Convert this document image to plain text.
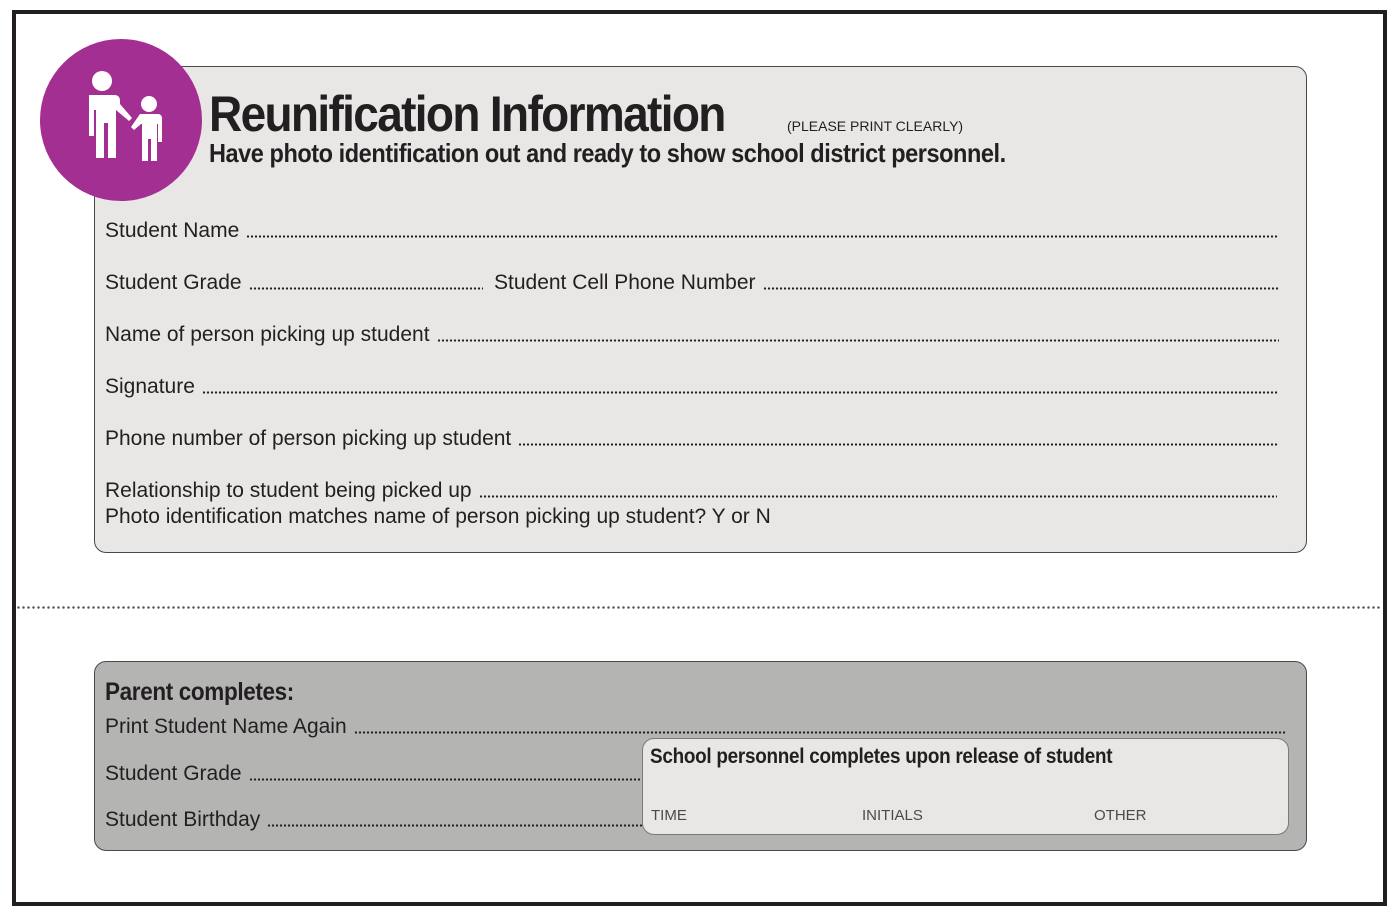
Reunification Information	(PLEASE PRINT CLEARLY)
Have photo identification out and ready to show school district personnel.
Student Name
Student Grade	Student Cell Phone Number
Name of person picking up student
Signature
Phone number of person picking up student
Relationship to student being picked up
Photo identification matches name of person picking up student? Y or N
Parent completes:
Print Student Name Again
Student Grade
Student Birthday
School personnel completes upon release of student
TIME	INITIALS	OTHER
